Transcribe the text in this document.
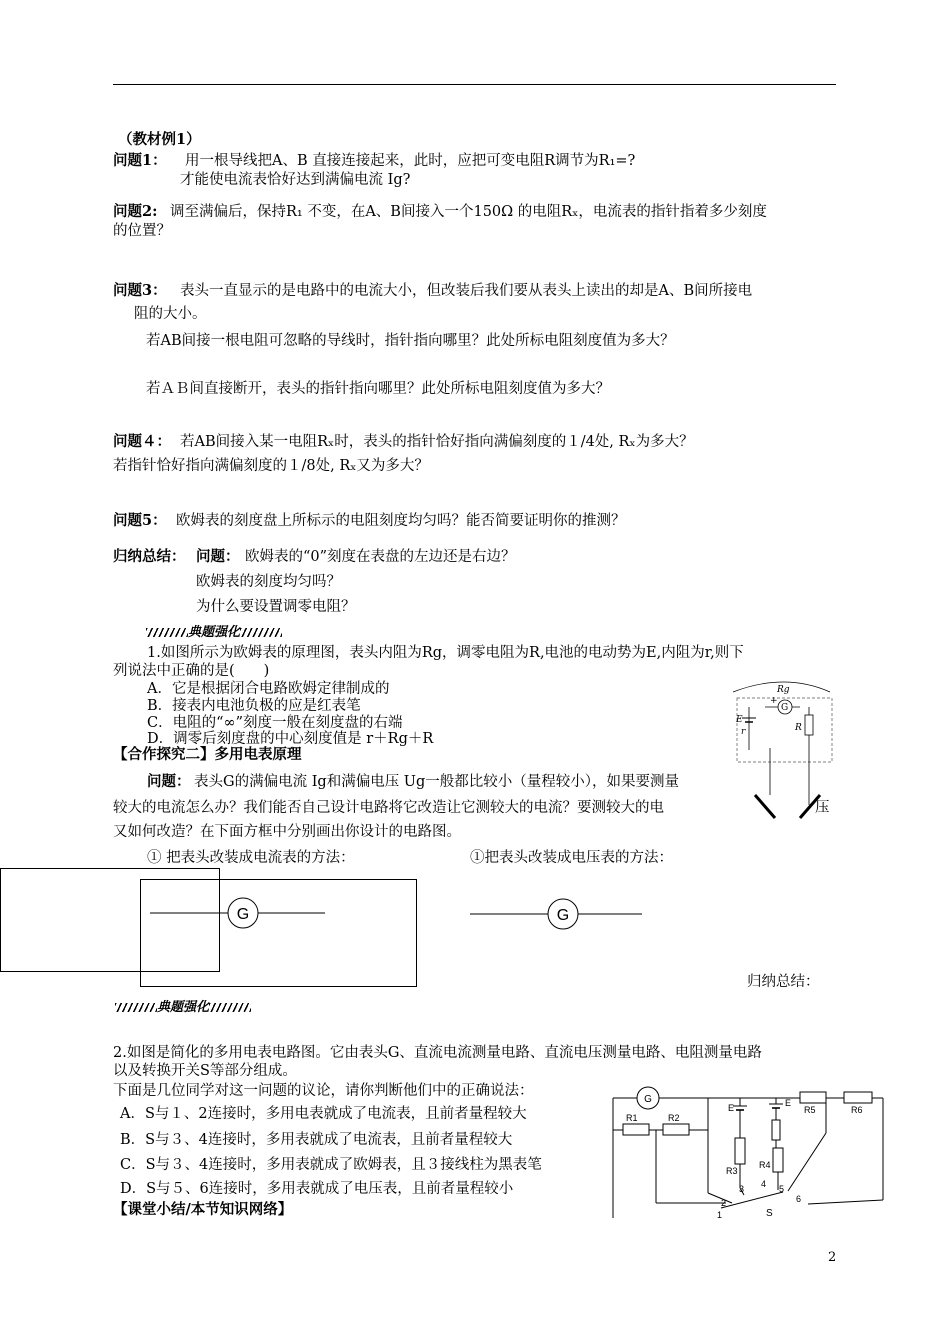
（教材例1）
问题1： 用一根导线把A、B 直接连接起来，此时，应把可变电阻R调节为R₁=?
才能使电流表恰好达到满偏电流 Ig?
问题2: 调至满偏后，保持R₁ 不变，在A、B间接入一个150Ω 的电阻Rₓ，电流表的指针指着多少刻度
的位置？
问题3： 表头一直显示的是电路中的电流大小，但改装后我们要从表头上读出的却是A、B间所接电
阻的大小。
若AB间接一根电阻可忽略的导线时，指针指向哪里？此处所标电阻刻度值为多大？
若ＡＢ间直接断开，表头的指针指向哪里？此处所标电阻刻度值为多大？
问题４： 若AB间接入某一电阻Rₓ时，表头的指针恰好指向满偏刻度的１/4处, Rₓ为多大？
若指针恰好指向满偏刻度的１/8处, Rₓ又为多大？
问题5： 欧姆表的刻度盘上所标示的电阻刻度均匀吗？能否简要证明你的推测？
归纳总结： 问题： 欧姆表的“0”刻度在表盘的左边还是右边？
欧姆表的刻度均匀吗？
为什么要设置调零电阻？
典题强化
1.如图所示为欧姆表的原理图，表头内阻为Rg，调零电阻为R,电池的电动势为E,内阻为r,则下
列说法中正确的是(　　)
A．它是根据闭合电路欧姆定律制成的
B．接表内电池负极的应是红表笔
C．电阻的“∞”刻度一般在刻度盘的右端
D．调零后刻度盘的中心刻度值是 r＋Rg＋R
Rg
G
+
E
r	R
【合作探究二】多用电表原理
问题： 表头G的满偏电流 Ig和满偏电压 Ug一般都比较小（量程较小），如果要测量
较大的电流怎么办？我们能否自己设计电路将它改造让它测较大的电流？要测较大的电	压
又如何改造？在下面方框中分别画出你设计的电路图。
① 把表头改装成电流表的方法：	①把表头改装成电压表的方法：
G	G
归纳总结：
典题强化
2.如图是简化的多用电表电路图。它由表头G、直流电流测量电路、直流电压测量电路、电阻测量电路
以及转换开关S等部分组成。
下面是几位同学对这一问题的议论，请你判断他们中的正确说法：
A．S与１、2连接时，多用电表就成了电流表，且前者量程较大
B．S与３、4连接时，多用表就成了电流表，且前者量程较大
C．S与３、4连接时，多用表就成了欧姆表，且３接线柱为黑表笔
D．S与５、6连接时，多用表就成了电压表，且前者量程较小
G
R1	R2
E
R3
E
R4
R5	R6
2
3 4 5
6
1	S
【课堂小结/本节知识网络】
2
